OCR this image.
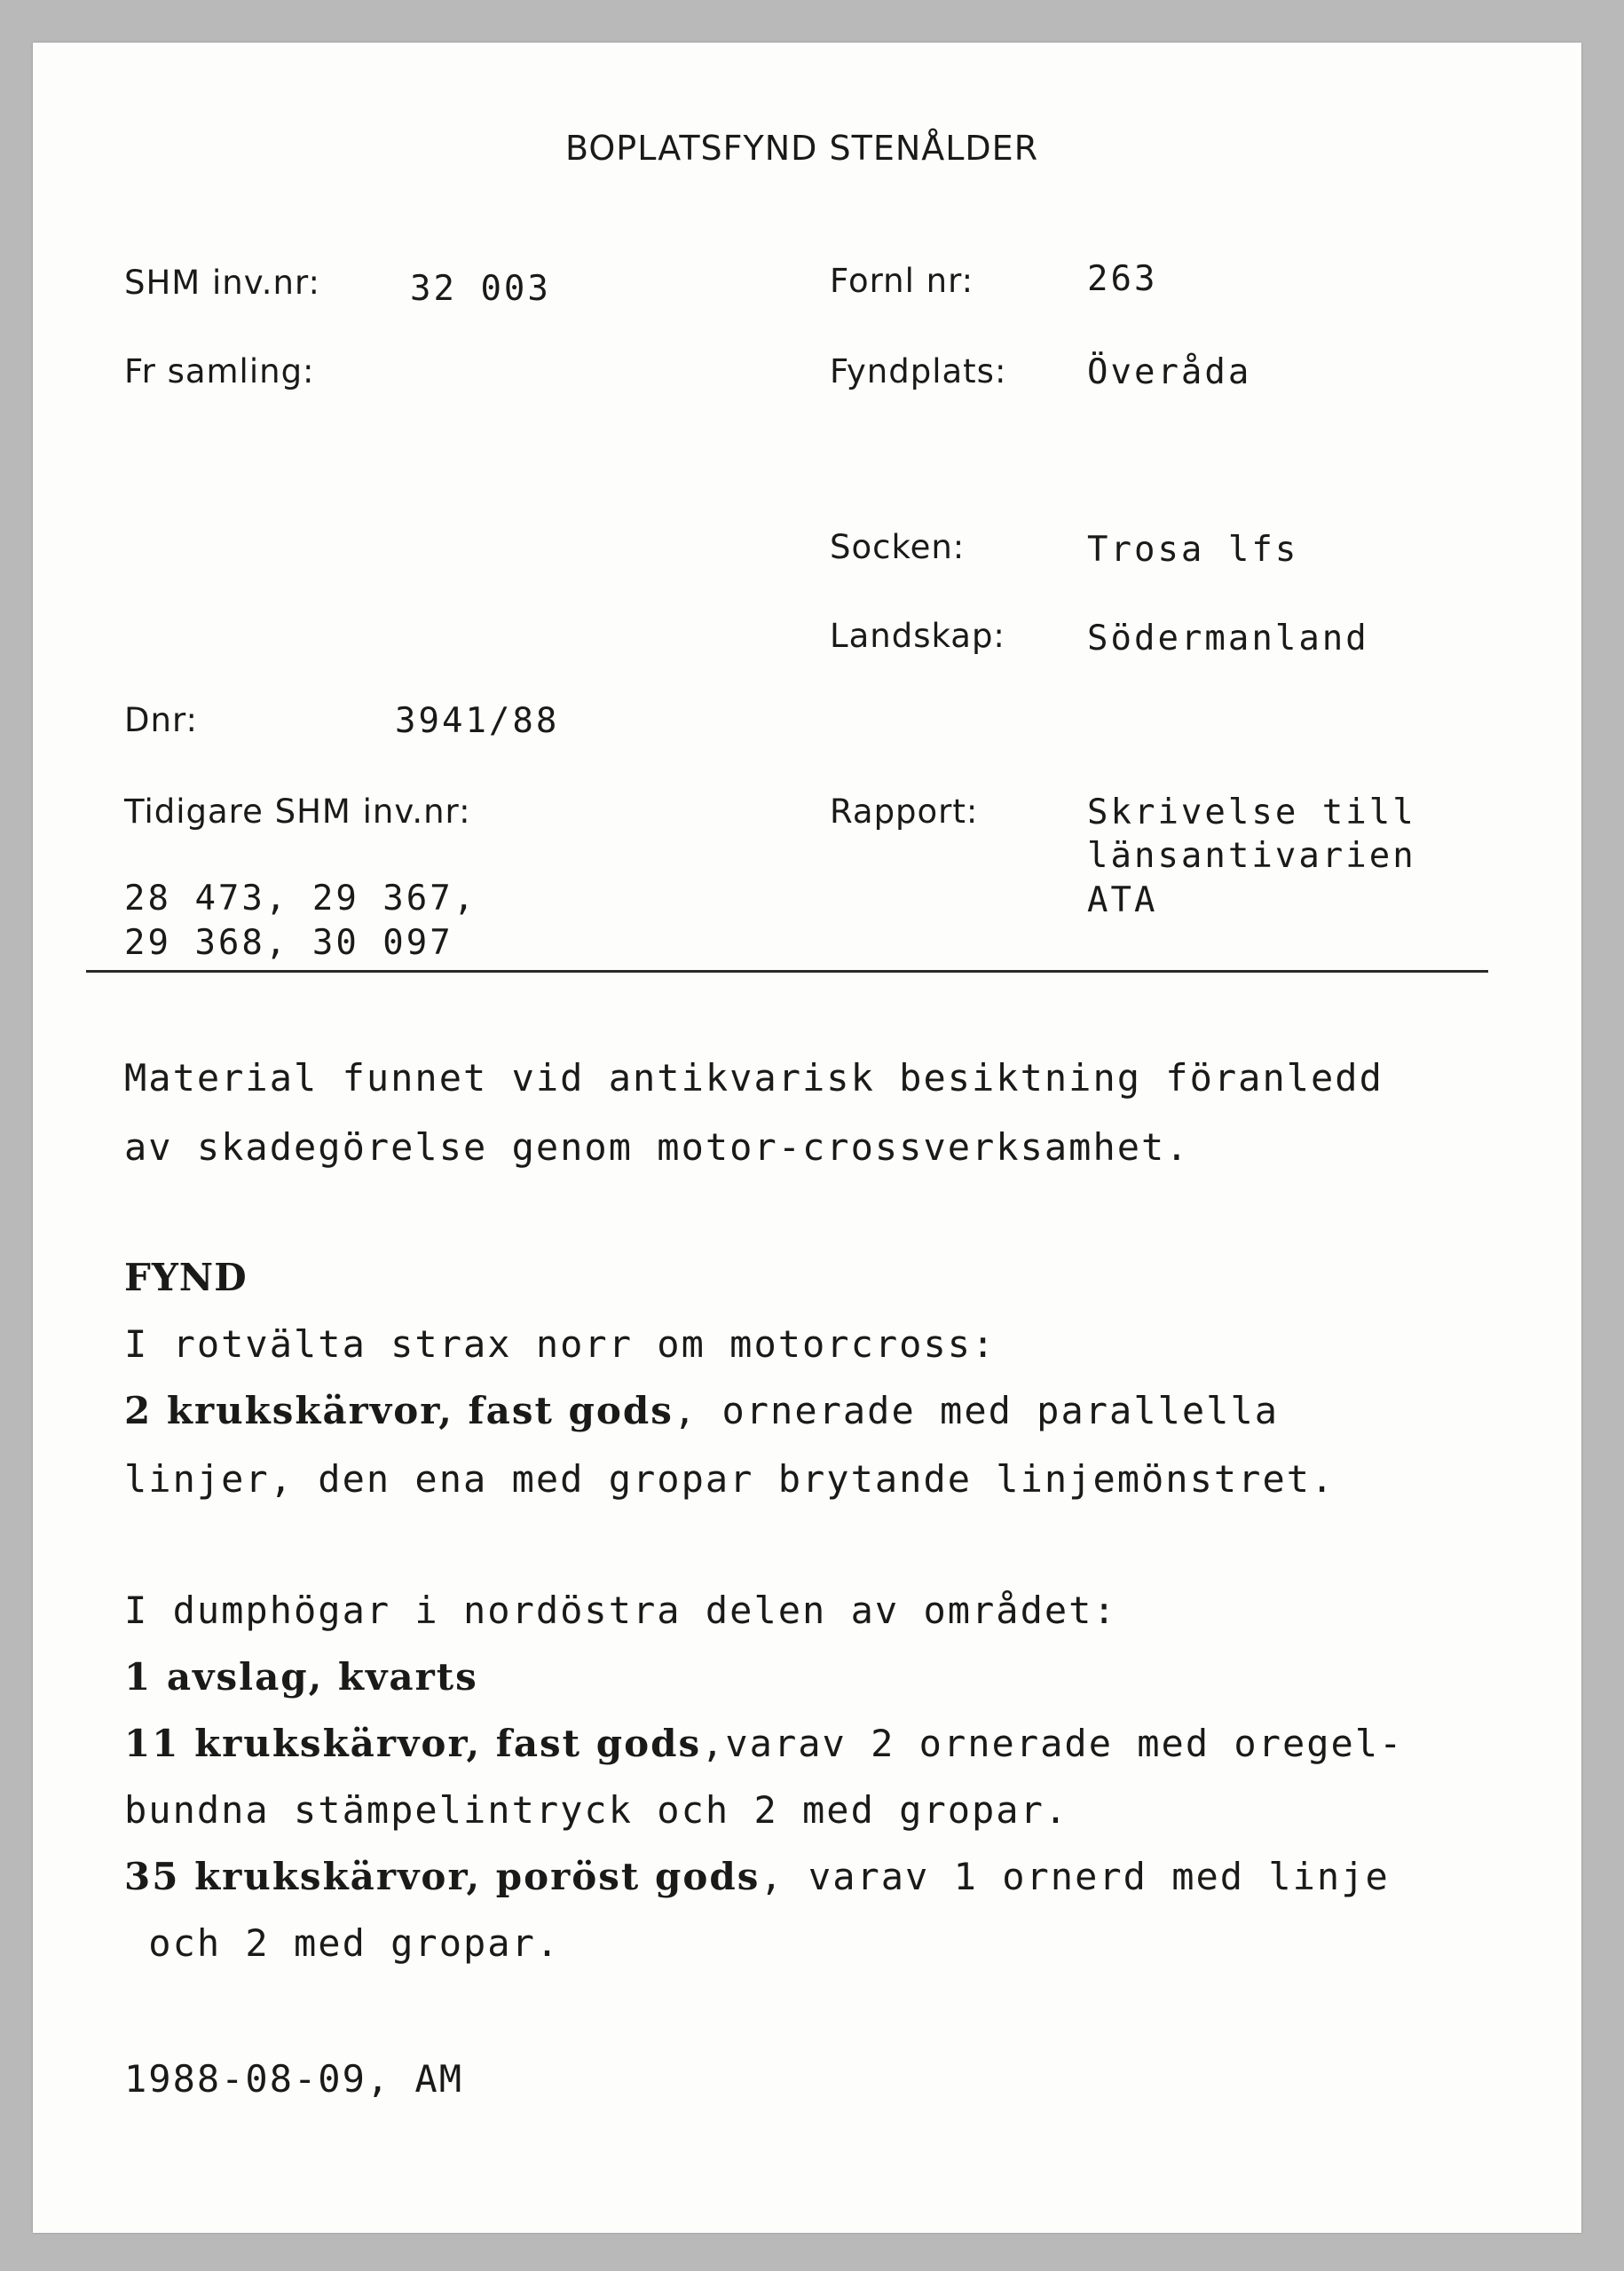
BOPLATSFYND STENÅLDER
SHM inv.nr:	32 003
Fr samling:
Dnr:	3941/88
Tidigare SHM inv.nr:
28 473, 29 367,
29 368, 30 097
Fornl nr:	263
Fyndplats: Överåda
Socken:	Trosa lfs
Landskap: Södermanland
Rapport:	Skrivelse till
länsantivarien
ATA
Material funnet vid antikvarisk besiktning föranledd
av skadegörelse genom motor-crossverksamhet.
FYND
I rotvälta strax norr om motorcross:
2 krukskärvor, fast gods, ornerade med parallella
linjer, den ena med gropar brytande linjemönstret.
I dumphögar i nordöstra delen av området:
1 avslag, kvarts
11 krukskärvor, fast gods,varav 2 ornerade med oregel-
bundna stämpelintryck och 2 med gropar.
35 krukskärvor, poröst gods, varav 1 ornerd med linje
och 2 med gropar.
1988-08-09, AM
